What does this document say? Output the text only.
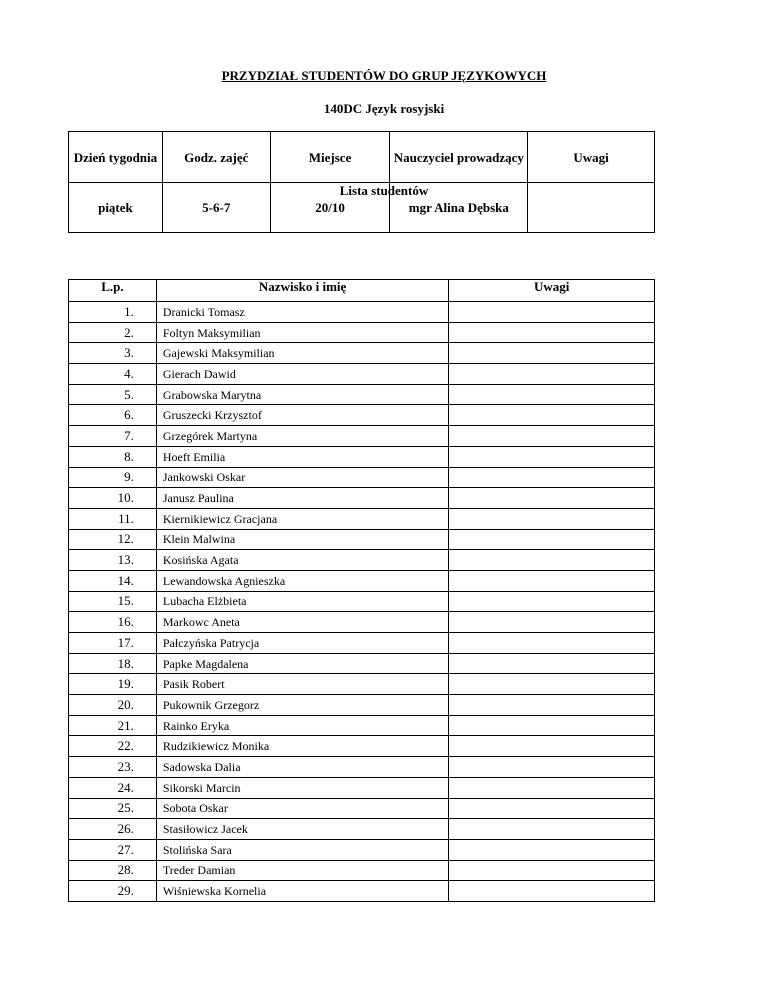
PRZYDZIAŁ STUDENTÓW DO GRUP JĘZYKOWYCH
140DC Język rosyjski
Dzień tygodnia	Godz. zajęć	Miejsce	Nauczyciel prowadzący	Uwagi
piątek	5-6-7	20/10	mgr Alina Dębska	
Lista studentów
L.p.	Nazwisko i imię	Uwagi
1.	Dranicki Tomasz	
2.	Foltyn Maksymilian	
3.	Gajewski Maksymilian	
4.	Gierach Dawid	
5.	Grabowska Marytna	
6.	Gruszecki Krzysztof	
7.	Grzegórek Martyna	
8.	Hoeft Emilia	
9.	Jankowski Oskar	
10.	Janusz Paulina	
11.	Kiernikiewicz Gracjana	
12.	Klein Malwina	
13.	Kosińska Agata	
14.	Lewandowska Agnieszka	
15.	Lubacha Elżbieta	
16.	Markowc Aneta	
17.	Pałczyńska Patrycja	
18.	Papke Magdalena	
19.	Pasik Robert	
20.	Pukownik Grzegorz	
21.	Rainko Eryka	
22.	Rudzikiewicz Monika	
23.	Sadowska Dalia	
24.	Sikorski Marcin	
25.	Sobota Oskar	
26.	Stasiłowicz Jacek	
27.	Stolińska Sara	
28.	Treder Damian	
29.	Wiśniewska Kornelia	
